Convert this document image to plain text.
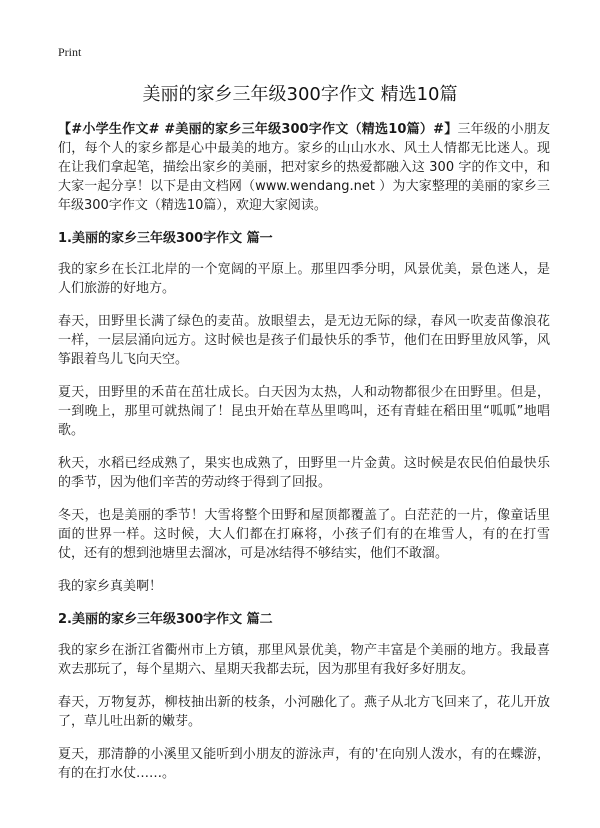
Print
美丽的家乡三年级300字作文 精选10篇

【#小学生作文# #美丽的家乡三年级300字作文（精选10篇）#】三年级的小朋友们，每个人的家乡都是心中最美的地方。家乡的山山水水、风土人情都无比迷人。现在让我们拿起笔，描绘出家乡的美丽，把对家乡的热爱都融入这 300 字的作文中，和大家一起分享！以下是由文档网（www.wendang.net ）为大家整理的美丽的家乡三年级300字作文（精选10篇），欢迎大家阅读。

1.美丽的家乡三年级300字作文 篇一

我的家乡在长江北岸的一个宽阔的平原上。那里四季分明，风景优美，景色迷人，是人们旅游的好地方。

春天，田野里长满了绿色的麦苗。放眼望去，是无边无际的绿，春风一吹麦苗像浪花一样，一层层涌向远方。这时候也是孩子们最快乐的季节，他们在田野里放风筝，风筝跟着鸟儿飞向天空。

夏天，田野里的禾苗在茁壮成长。白天因为太热，人和动物都很少在田野里。但是，一到晚上，那里可就热闹了！昆虫开始在草丛里鸣叫，还有青蛙在稻田里“呱呱”地唱歌。

秋天，水稻已经成熟了，果实也成熟了，田野里一片金黄。这时候是农民伯伯最快乐的季节，因为他们辛苦的劳动终于得到了回报。

冬天，也是美丽的季节！大雪将整个田野和屋顶都覆盖了。白茫茫的一片，像童话里面的世界一样。这时候，大人们都在打麻将，小孩子们有的在堆雪人，有的在打雪仗，还有的想到池塘里去溜冰，可是冰结得不够结实，他们不敢溜。

我的家乡真美啊！

2.美丽的家乡三年级300字作文 篇二

我的家乡在浙江省衢州市上方镇，那里风景优美，物产丰富是个美丽的地方。我最喜欢去那玩了，每个星期六、星期天我都去玩，因为那里有我好多好朋友。

春天，万物复苏，柳枝抽出新的枝条，小河融化了。燕子从北方飞回来了，花儿开放了，草儿吐出新的嫩芽。

夏天，那清静的小溪里又能听到小朋友的游泳声，有的'在向别人泼水，有的在蝶游，有的在打水仗……。
